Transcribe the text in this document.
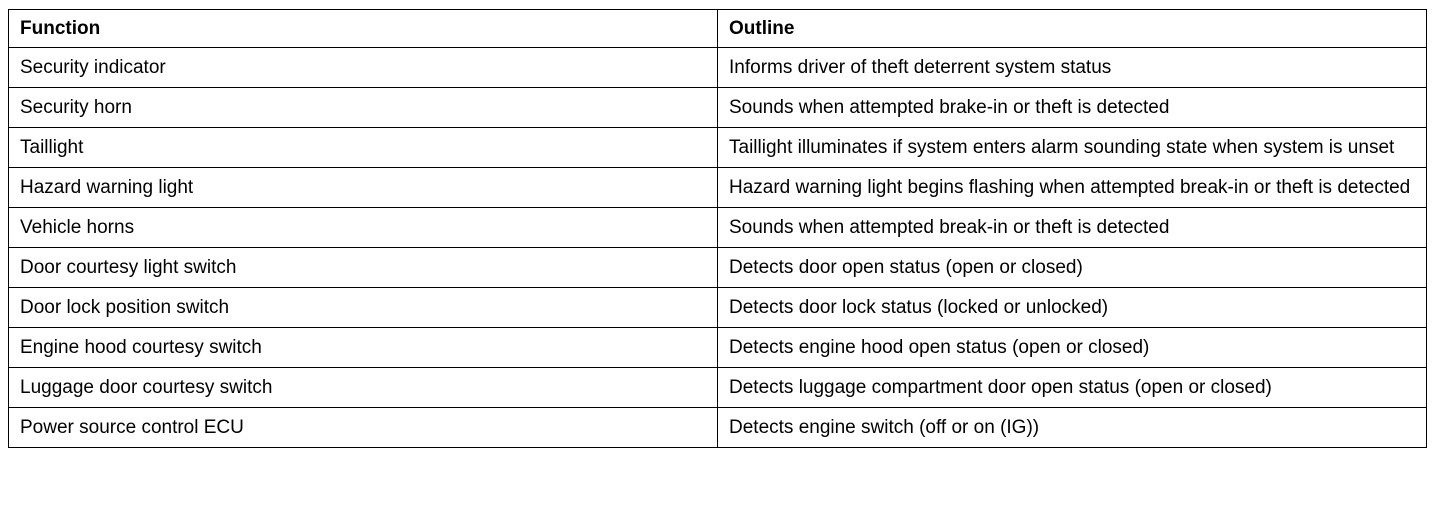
Function	Outline
Security indicator	Informs driver of theft deterrent system status
Security horn	Sounds when attempted brake-in or theft is detected
Taillight	Taillight illuminates if system enters alarm sounding state when system is unset
Hazard warning light	Hazard warning light begins flashing when attempted break-in or theft is detected
Vehicle horns	Sounds when attempted break-in or theft is detected
Door courtesy light switch	Detects door open status (open or closed)
Door lock position switch	Detects door lock status (locked or unlocked)
Engine hood courtesy switch	Detects engine hood open status (open or closed)
Luggage door courtesy switch	Detects luggage compartment door open status (open or closed)
Power source control ECU	Detects engine switch (off or on (IG))
